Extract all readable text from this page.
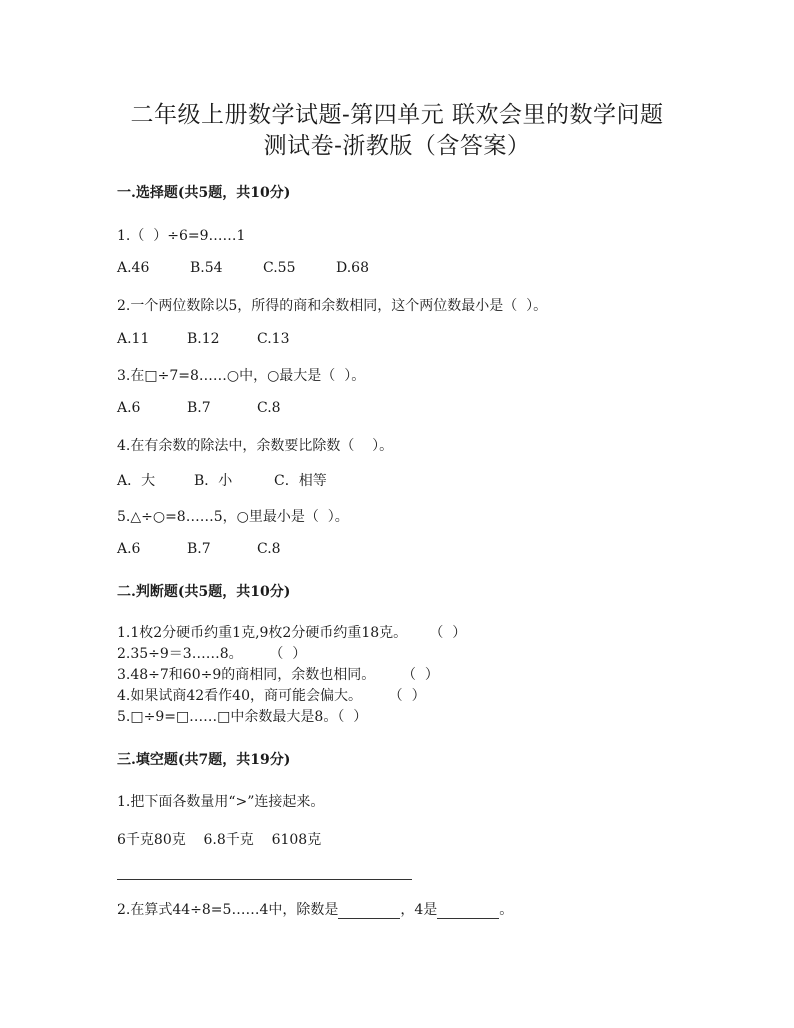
二年级上册数学试题-第四单元 联欢会里的数学问题
测试卷-浙教版（含答案）
一.选择题(共5题，共10分)
1.（  ）÷6=9……1
A.46	B.54	C.55	D.68
2.一个两位数除以5，所得的商和余数相同，这个两位数最小是（  ）。
A.11	B.12	C.13
3.在□÷7=8……○中，○最大是（  ）。
A.6	B.7	C.8
4.在有余数的除法中，余数要比除数（    ）。
A．大	B．小	C．相等
5.△÷○=8……5，○里最小是（  ）。
A.6	B.7	C.8
二.判断题(共5题，共10分)
1.1枚2分硬币约重1克,9枚2分硬币约重18克。     （  ）
2.35÷9＝3……8。      （  ）
3.48÷7和60÷9的商相同，余数也相同。      （  ）
4.如果试商42看作40，商可能会偏大。      （  ）
5.□÷9=□……□中余数最大是8。（  ）
三.填空题(共7题，共19分)
1.把下面各数量用“>”连接起来。
6千克80克    6.8千克    6108克
2.在算式44÷8=5……4中，除数是	，4是	。
